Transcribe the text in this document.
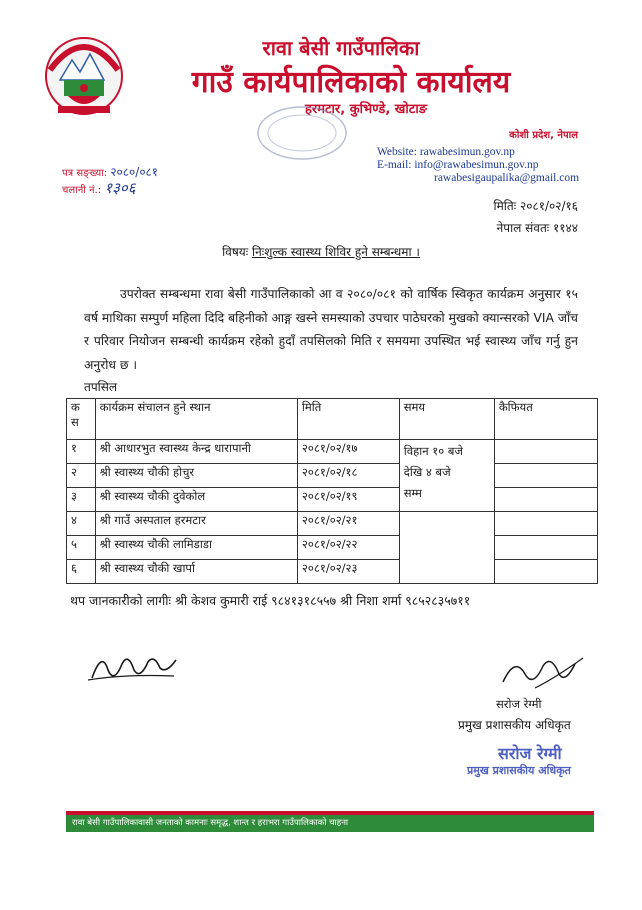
रावा बेसी गाउँपालिका
गाउँ कार्यपालिकाको कार्यालय
हरमटार, कुभिण्डे, खोटाङ
कोशी प्रदेश, नेपाल
Website: rawabesimun.gov.np
E-mail: info@rawabesimun.gov.np
rawabesigaupalika@gmail.com
पत्र सङ्ख्या: २०८०/०८१
चलानी नं.: १३०६
मितिः २०८१/०२/१६
नेपाल संवतः ११४४
विषयः निःशुल्क स्वास्थ्य शिविर हुने सम्बन्धमा ।
उपरोक्त सम्बन्धमा रावा बेसी गाउँपालिकाको आ व २०८०/०८१ को वार्षिक स्विकृत कार्यक्रम अनुसार १५ वर्ष माथिका सम्पुर्ण महिला दिदि बहिनीको आङ्ग खस्ने समस्याको उपचार पाठेघरको मुखको क्यान्सरको VIA जाँच र परिवार नियोजन सम्बन्धी कार्यक्रम रहेको हुदाँ तपसिलको मिति र समयमा उपस्थित भई स्वास्थ्य जाँच गर्नु हुन अनुरोध छ ।
तपसिल
क स	कार्यक्रम संचालन हुने स्थान	मिति	समय	कैफियत
१	श्री आधारभुत स्वास्थ्य केन्द्र धारापानी	२०८१/०२/१७	विहान १० बजे
देखि ४ बजे
सम्म	

२	श्री स्वास्थ्य चौकी होचुर	२०८१/०२/१८		
३	श्री स्वास्थ्य चौकी दुवेकोल	२०८१/०२/१९		
४	श्री गाउँ अस्पताल हरमटार	२०८१/०२/२१		
५	श्री स्वास्थ्य चौकी लामिडाडा	२०८१/०२/२२		
६	श्री स्वास्थ्य चौकी खार्पा	२०८१/०२/२३		
थप जानकारीको लागीः श्री केशव कुमारी राई ९८४१३१८५५७ श्री निशा शर्मा ९८५२८३५७११
सरोज रेग्मी
प्रमुख प्रशासकीय अधिकृत
सरोज रेग्मी
प्रमुख प्रशासकीय अधिकृत
रावा बेसी गाउँपालिकावासी जनताको कामनाः समृद्ध, शान्त र हराभरा गाउँपालिकाको चाहना
